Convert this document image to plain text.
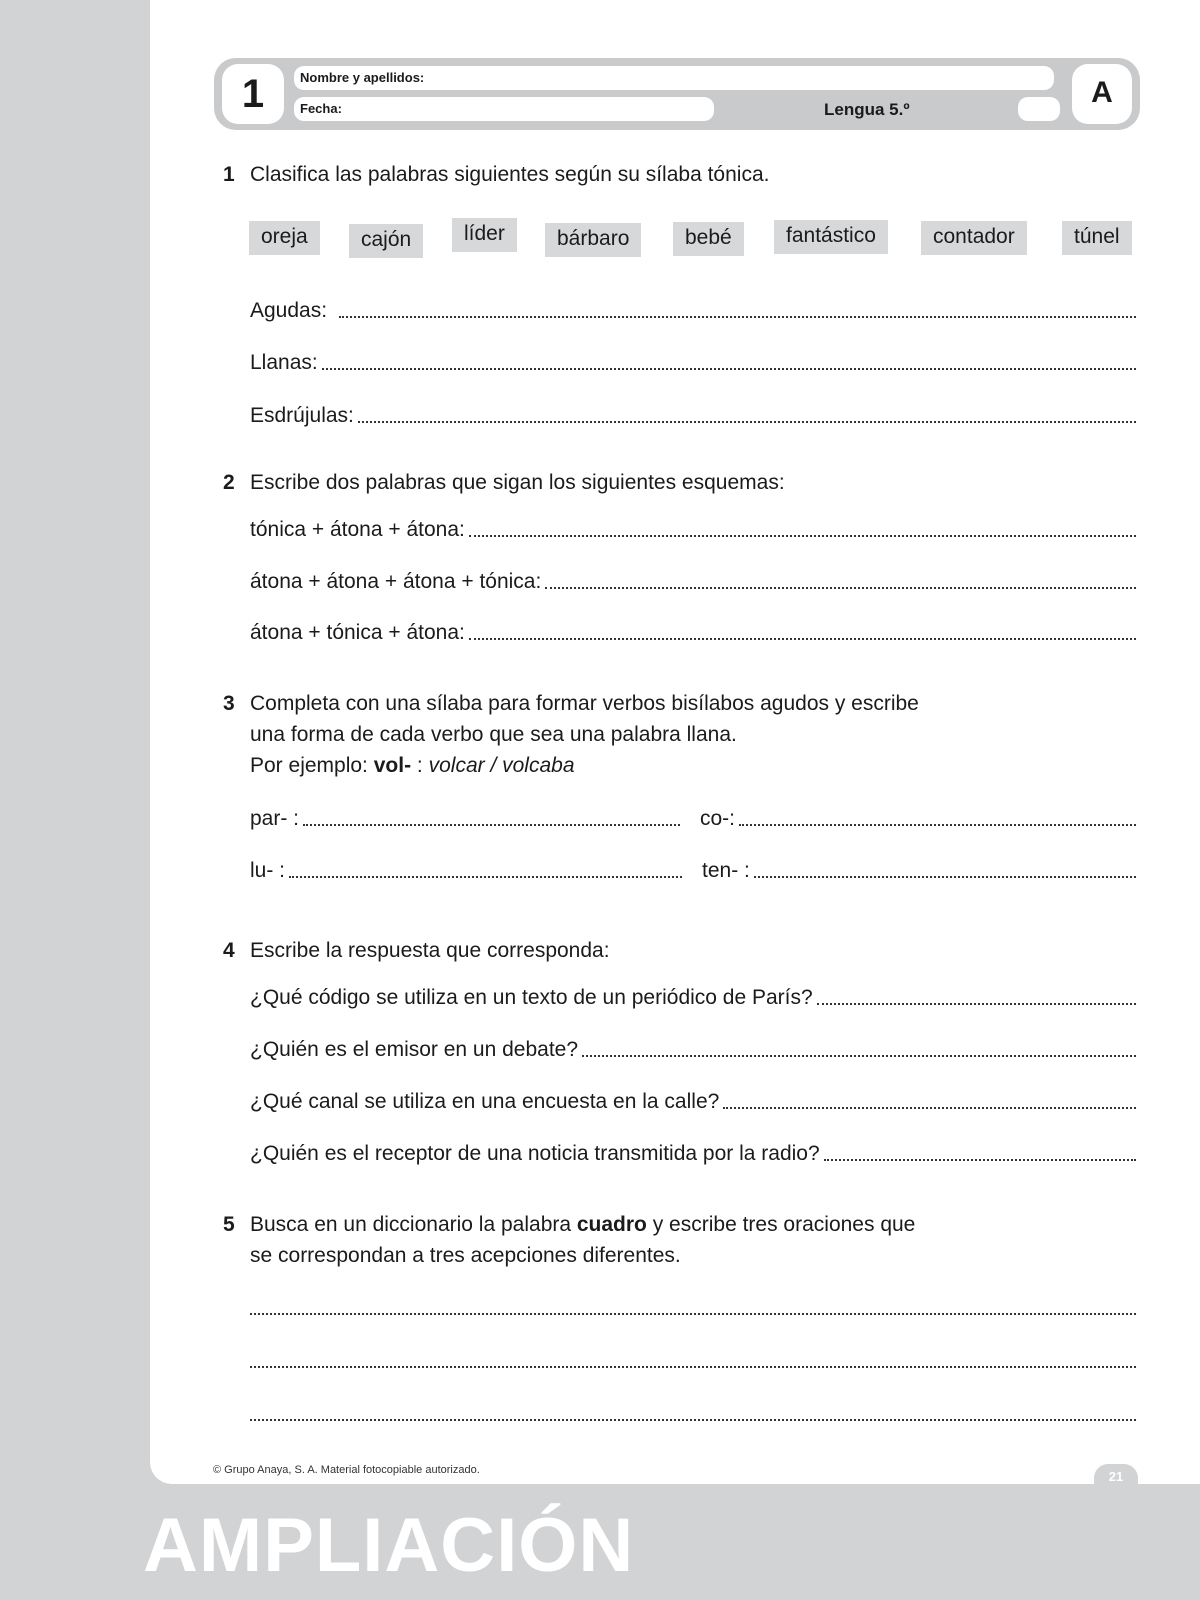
1	Nombre y apellidos:
Fecha:	Lengua 5.º
A
1 Clasifica las palabras siguientes según su sílaba tónica.
oreja	cajón	líder	bárbaro	bebé	fantástico	contador	túnel
Agudas:
Llanas:
Esdrújulas:
2 Escribe dos palabras que sigan los siguientes esquemas:
tónica + átona + átona:
átona + átona + átona + tónica:
átona + tónica + átona:
3 Completa con una sílaba para formar verbos bisílabos agudos y escribe
una forma de cada verbo que sea una palabra llana.
Por ejemplo: vol- : volcar / volcaba
par- :	co-:
lu- :	ten- :
4 Escribe la respuesta que corresponda:
¿Qué código se utiliza en un texto de un periódico de París?
¿Quién es el emisor en un debate?
¿Qué canal se utiliza en una encuesta en la calle?
¿Quién es el receptor de una noticia transmitida por la radio?
5 Busca en un diccionario la palabra cuadro y escribe tres oraciones que
se correspondan a tres acepciones diferentes.
© Grupo Anaya, S. A. Material fotocopiable autorizado.	21
AMPLIACIÓN
